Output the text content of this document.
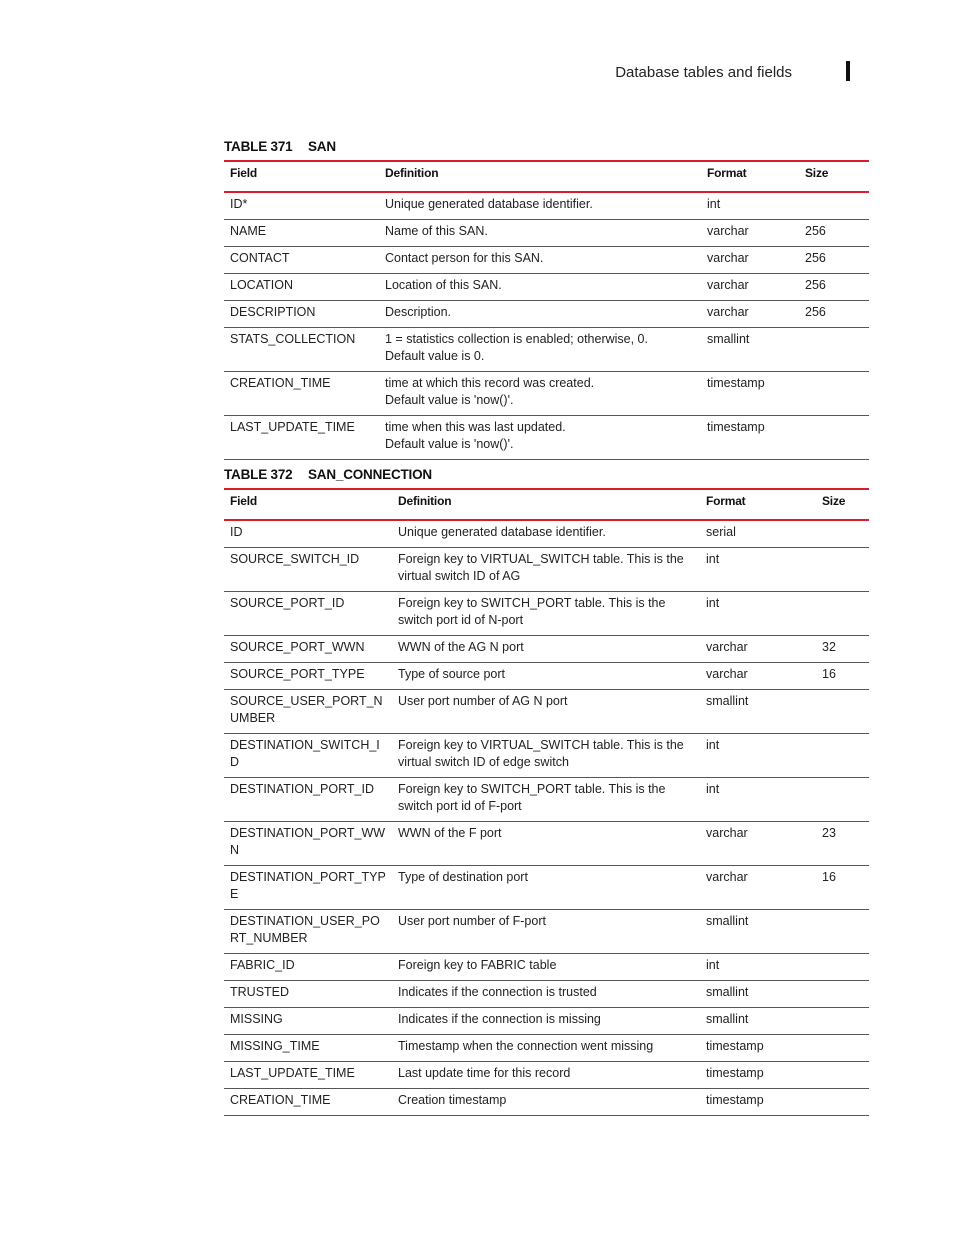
Database tables and fields
TABLE 371 SAN
Field	Definition	Format	Size
ID*	Unique generated database identifier.	int	
NAME	Name of this SAN.	varchar	256
CONTACT	Contact person for this SAN.	varchar	256
LOCATION	Location of this SAN.	varchar	256
DESCRIPTION	Description.	varchar	256
STATS_COLLECTION	1 = statistics collection is enabled; otherwise, 0.
Default value is 0.	smallint	
CREATION_TIME	time at which this record was created.
Default value is 'now()'.	timestamp	
LAST_UPDATE_TIME	time when this was last updated.
Default value is 'now()'.	timestamp	
TABLE 372 SAN_CONNECTION
Field	Definition	Format	Size
ID	Unique generated database identifier.	serial	
SOURCE_SWITCH_ID	Foreign key to VIRTUAL_SWITCH table. This is the virtual switch ID of AG	int	
SOURCE_PORT_ID	Foreign key to SWITCH_PORT table. This is the switch port id of N-port	int	
SOURCE_PORT_WWN	WWN of the AG N port	varchar	32
SOURCE_PORT_TYPE	Type of source port	varchar	16
SOURCE_USER_PORT_NUMBER	User port number of AG N port	smallint	
DESTINATION_SWITCH_ID	Foreign key to VIRTUAL_SWITCH table. This is the virtual switch ID of edge switch	int	
DESTINATION_PORT_ID	Foreign key to SWITCH_PORT table. This is the switch port id of F-port	int	
DESTINATION_PORT_WWN	WWN of the F port	varchar	23
DESTINATION_PORT_TYPE	Type of destination port	varchar	16
DESTINATION_USER_PORT_NUMBER	User port number of F-port	smallint	
FABRIC_ID	Foreign key to FABRIC table	int	
TRUSTED	Indicates if the connection is trusted	smallint	
MISSING	Indicates if the connection is missing	smallint	
MISSING_TIME	Timestamp when the connection went missing	timestamp	
LAST_UPDATE_TIME	Last update time for this record	timestamp	
CREATION_TIME	Creation timestamp	timestamp	
